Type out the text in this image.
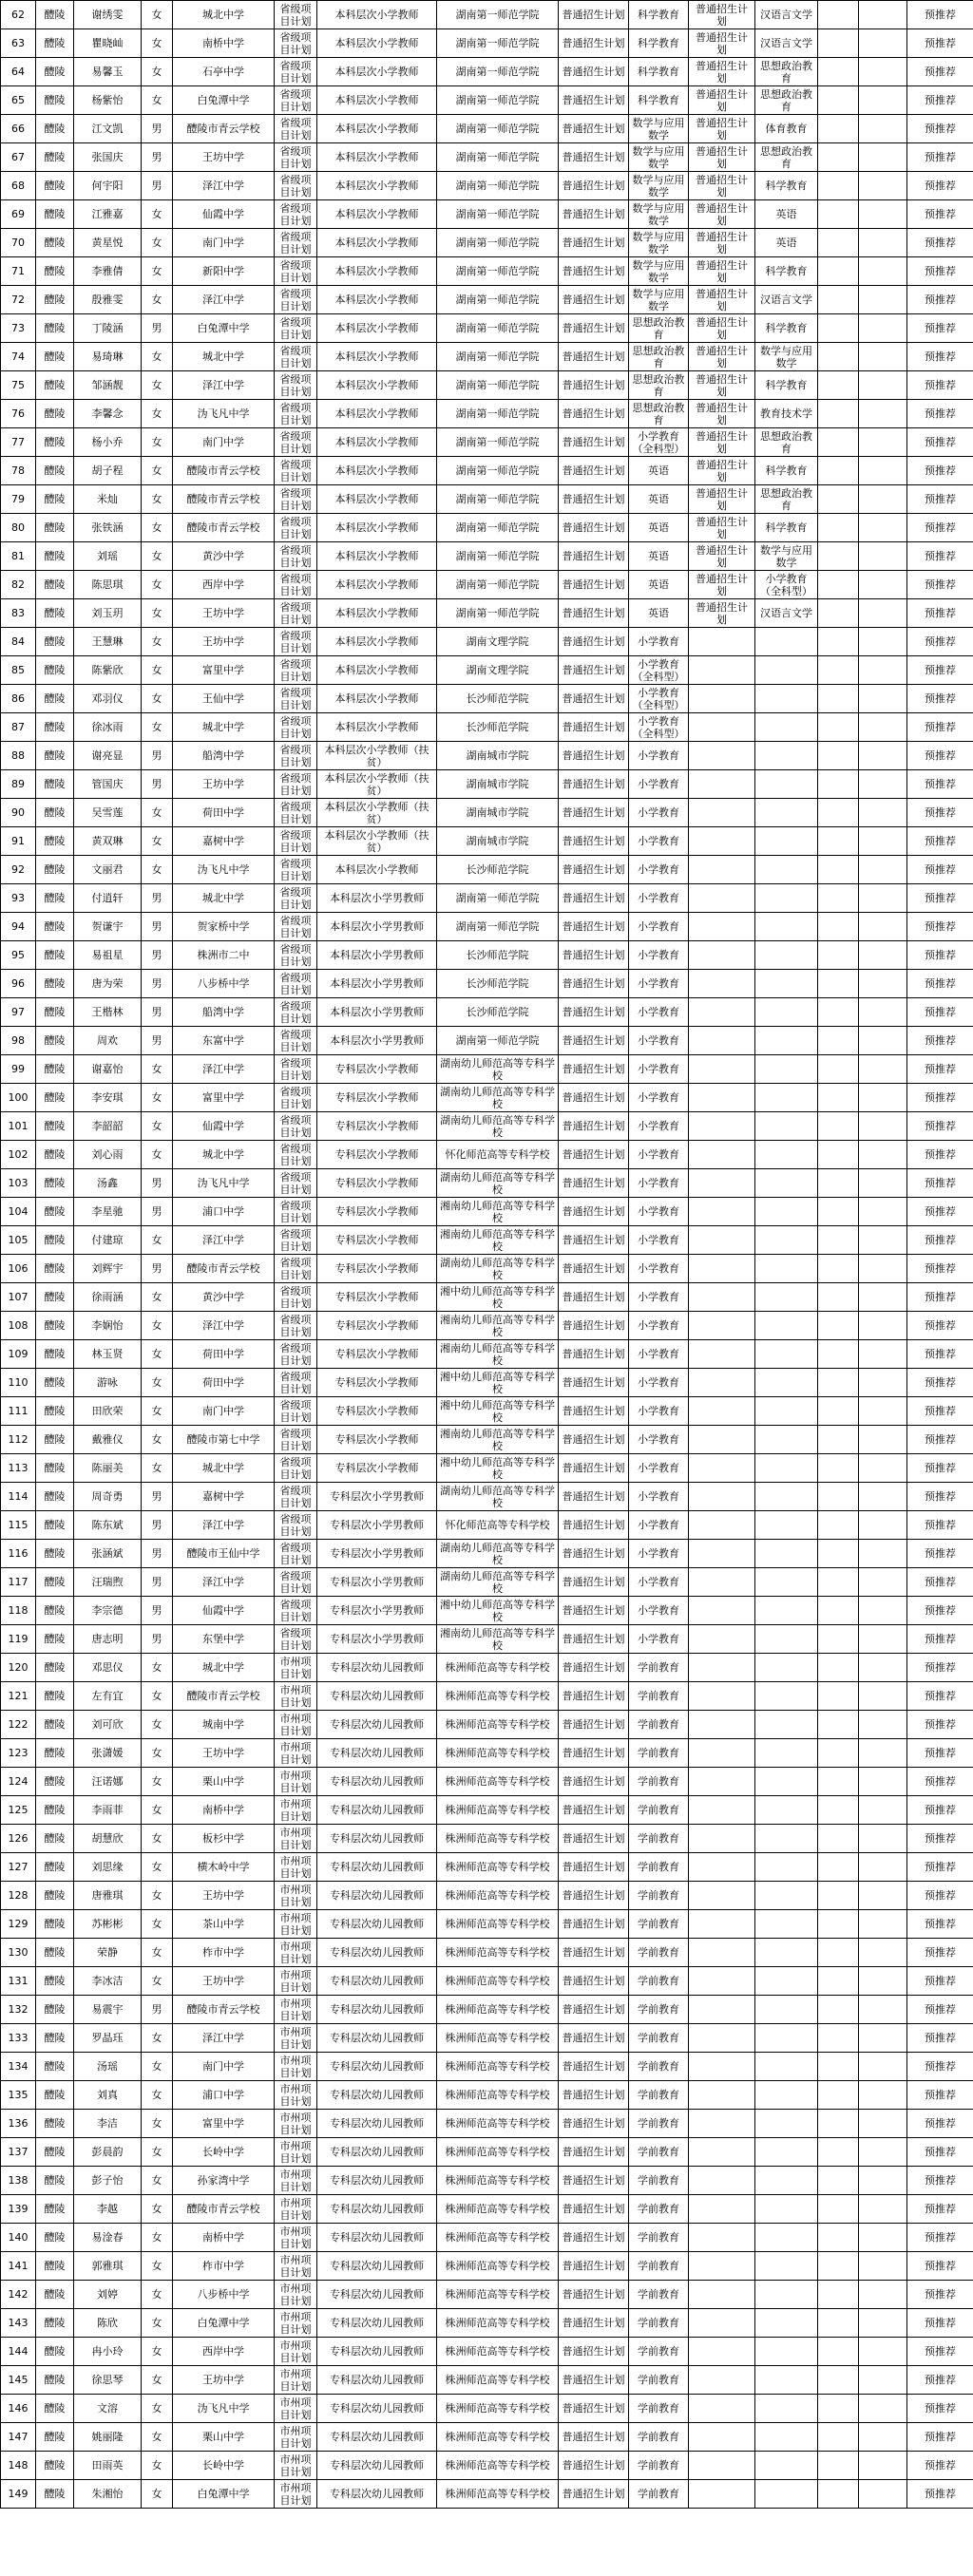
62	醴陵	谢绣雯	女	城北中学	省级项目计划	本科层次小学教师	湖南第一师范学院	普通招生计划	科学教育	普通招生计划	汉语言文学			预推荐
63	醴陵	瞿晓屾	女	南桥中学	省级项目计划	本科层次小学教师	湖南第一师范学院	普通招生计划	科学教育	普通招生计划	汉语言文学			预推荐
64	醴陵	易馨玉	女	石亭中学	省级项目计划	本科层次小学教师	湖南第一师范学院	普通招生计划	科学教育	普通招生计划	思想政治教育			预推荐
65	醴陵	杨紫怡	女	白兔潭中学	省级项目计划	本科层次小学教师	湖南第一师范学院	普通招生计划	科学教育	普通招生计划	思想政治教育			预推荐
66	醴陵	江文凯	男	醴陵市青云学校	省级项目计划	本科层次小学教师	湖南第一师范学院	普通招生计划	数学与应用数学	普通招生计划	体育教育			预推荐
67	醴陵	张国庆	男	王坊中学	省级项目计划	本科层次小学教师	湖南第一师范学院	普通招生计划	数学与应用数学	普通招生计划	思想政治教育			预推荐
68	醴陵	何宇阳	男	泽江中学	省级项目计划	本科层次小学教师	湖南第一师范学院	普通招生计划	数学与应用数学	普通招生计划	科学教育			预推荐
69	醴陵	江雅嘉	女	仙霞中学	省级项目计划	本科层次小学教师	湖南第一师范学院	普通招生计划	数学与应用数学	普通招生计划	英语			预推荐
70	醴陵	黄星悦	女	南门中学	省级项目计划	本科层次小学教师	湖南第一师范学院	普通招生计划	数学与应用数学	普通招生计划	英语			预推荐
71	醴陵	李雅倩	女	新阳中学	省级项目计划	本科层次小学教师	湖南第一师范学院	普通招生计划	数学与应用数学	普通招生计划	科学教育			预推荐
72	醴陵	殷雅雯	女	泽江中学	省级项目计划	本科层次小学教师	湖南第一师范学院	普通招生计划	数学与应用数学	普通招生计划	汉语言文学			预推荐
73	醴陵	丁陵涵	男	白兔潭中学	省级项目计划	本科层次小学教师	湖南第一师范学院	普通招生计划	思想政治教育	普通招生计划	科学教育			预推荐
74	醴陵	易琦琳	女	城北中学	省级项目计划	本科层次小学教师	湖南第一师范学院	普通招生计划	思想政治教育	普通招生计划	数学与应用数学			预推荐
75	醴陵	邹涵靓	女	泽江中学	省级项目计划	本科层次小学教师	湖南第一师范学院	普通招生计划	思想政治教育	普通招生计划	科学教育			预推荐
76	醴陵	李馨念	女	沩飞凡中学	省级项目计划	本科层次小学教师	湖南第一师范学院	普通招生计划	思想政治教育	普通招生计划	教育技术学			预推荐
77	醴陵	杨小乔	女	南门中学	省级项目计划	本科层次小学教师	湖南第一师范学院	普通招生计划	小学教育（全科型）	普通招生计划	思想政治教育			预推荐
78	醴陵	胡子程	女	醴陵市青云学校	省级项目计划	本科层次小学教师	湖南第一师范学院	普通招生计划	英语	普通招生计划	科学教育			预推荐
79	醴陵	米灿	女	醴陵市青云学校	省级项目计划	本科层次小学教师	湖南第一师范学院	普通招生计划	英语	普通招生计划	思想政治教育			预推荐
80	醴陵	张铁涵	女	醴陵市青云学校	省级项目计划	本科层次小学教师	湖南第一师范学院	普通招生计划	英语	普通招生计划	科学教育			预推荐
81	醴陵	刘瑶	女	黄沙中学	省级项目计划	本科层次小学教师	湖南第一师范学院	普通招生计划	英语	普通招生计划	数学与应用数学			预推荐
82	醴陵	陈思琪	女	西岸中学	省级项目计划	本科层次小学教师	湖南第一师范学院	普通招生计划	英语	普通招生计划	小学教育（全科型）			预推荐
83	醴陵	刘玉玥	女	王坊中学	省级项目计划	本科层次小学教师	湖南第一师范学院	普通招生计划	英语	普通招生计划	汉语言文学			预推荐
84	醴陵	王慧琳	女	王坊中学	省级项目计划	本科层次小学教师	湖南文理学院	普通招生计划	小学教育					预推荐
85	醴陵	陈紫欣	女	富里中学	省级项目计划	本科层次小学教师	湖南文理学院	普通招生计划	小学教育（全科型）					预推荐
86	醴陵	邓羽仪	女	王仙中学	省级项目计划	本科层次小学教师	长沙师范学院	普通招生计划	小学教育（全科型）					预推荐
87	醴陵	徐冰雨	女	城北中学	省级项目计划	本科层次小学教师	长沙师范学院	普通招生计划	小学教育（全科型）					预推荐
88	醴陵	谢亮显	男	船湾中学	省级项目计划	本科层次小学教师（扶贫）	湖南城市学院	普通招生计划	小学教育					预推荐
89	醴陵	管国庆	男	王坊中学	省级项目计划	本科层次小学教师（扶贫）	湖南城市学院	普通招生计划	小学教育					预推荐
90	醴陵	吴雪莲	女	荷田中学	省级项目计划	本科层次小学教师（扶贫）	湖南城市学院	普通招生计划	小学教育					预推荐
91	醴陵	黄双琳	女	嘉树中学	省级项目计划	本科层次小学教师（扶贫）	湖南城市学院	普通招生计划	小学教育					预推荐
92	醴陵	文丽君	女	沩飞凡中学	省级项目计划	本科层次小学教师	长沙师范学院	普通招生计划	小学教育					预推荐
93	醴陵	付逍轩	男	城北中学	省级项目计划	本科层次小学男教师	湖南第一师范学院	普通招生计划	小学教育					预推荐
94	醴陵	贺谦宇	男	贺家桥中学	省级项目计划	本科层次小学男教师	湖南第一师范学院	普通招生计划	小学教育					预推荐
95	醴陵	易祖星	男	株洲市二中	省级项目计划	本科层次小学男教师	长沙师范学院	普通招生计划	小学教育					预推荐
96	醴陵	唐为荣	男	八步桥中学	省级项目计划	本科层次小学男教师	长沙师范学院	普通招生计划	小学教育					预推荐
97	醴陵	王楷林	男	船湾中学	省级项目计划	本科层次小学男教师	长沙师范学院	普通招生计划	小学教育					预推荐
98	醴陵	周欢	男	东富中学	省级项目计划	本科层次小学男教师	湖南第一师范学院	普通招生计划	小学教育					预推荐
99	醴陵	谢嘉怡	女	泽江中学	省级项目计划	专科层次小学教师	湖南幼儿师范高等专科学校	普通招生计划	小学教育					预推荐
100	醴陵	李安琪	女	富里中学	省级项目计划	专科层次小学教师	湖南幼儿师范高等专科学校	普通招生计划	小学教育					预推荐
101	醴陵	李韶韶	女	仙霞中学	省级项目计划	专科层次小学教师	湖南幼儿师范高等专科学校	普通招生计划	小学教育					预推荐
102	醴陵	刘心雨	女	城北中学	省级项目计划	专科层次小学教师	怀化师范高等专科学校	普通招生计划	小学教育					预推荐
103	醴陵	汤鑫	男	沩飞凡中学	省级项目计划	专科层次小学教师	湖南幼儿师范高等专科学校	普通招生计划	小学教育					预推荐
104	醴陵	李星驰	男	浦口中学	省级项目计划	专科层次小学教师	湘南幼儿师范高等专科学校	普通招生计划	小学教育					预推荐
105	醴陵	付建琼	女	泽江中学	省级项目计划	专科层次小学教师	湘南幼儿师范高等专科学校	普通招生计划	小学教育					预推荐
106	醴陵	刘辉宇	男	醴陵市青云学校	省级项目计划	专科层次小学教师	湖南幼儿师范高等专科学校	普通招生计划	小学教育					预推荐
107	醴陵	徐雨涵	女	黄沙中学	省级项目计划	专科层次小学教师	湘中幼儿师范高等专科学校	普通招生计划	小学教育					预推荐
108	醴陵	李娴怡	女	泽江中学	省级项目计划	专科层次小学教师	湘南幼儿师范高等专科学校	普通招生计划	小学教育					预推荐
109	醴陵	林玉贤	女	荷田中学	省级项目计划	专科层次小学教师	湘南幼儿师范高等专科学校	普通招生计划	小学教育					预推荐
110	醴陵	游咏	女	荷田中学	省级项目计划	专科层次小学教师	湘中幼儿师范高等专科学校	普通招生计划	小学教育					预推荐
111	醴陵	田欣荣	女	南门中学	省级项目计划	专科层次小学教师	湘中幼儿师范高等专科学校	普通招生计划	小学教育					预推荐
112	醴陵	戴雅仪	女	醴陵市第七中学	省级项目计划	专科层次小学教师	湘南幼儿师范高等专科学校	普通招生计划	小学教育					预推荐
113	醴陵	陈丽美	女	城北中学	省级项目计划	专科层次小学教师	湘中幼儿师范高等专科学校	普通招生计划	小学教育					预推荐
114	醴陵	周奇勇	男	嘉树中学	省级项目计划	专科层次小学男教师	湖南幼儿师范高等专科学校	普通招生计划	小学教育					预推荐
115	醴陵	陈东斌	男	泽江中学	省级项目计划	专科层次小学男教师	怀化师范高等专科学校	普通招生计划	小学教育					预推荐
116	醴陵	张涵斌	男	醴陵市王仙中学	省级项目计划	专科层次小学男教师	湖南幼儿师范高等专科学校	普通招生计划	小学教育					预推荐
117	醴陵	汪瑞煦	男	泽江中学	省级项目计划	专科层次小学男教师	湖南幼儿师范高等专科学校	普通招生计划	小学教育					预推荐
118	醴陵	李宗德	男	仙霞中学	省级项目计划	专科层次小学男教师	湘中幼儿师范高等专科学校	普通招生计划	小学教育					预推荐
119	醴陵	唐志明	男	东堡中学	省级项目计划	专科层次小学男教师	湘南幼儿师范高等专科学校	普通招生计划	小学教育					预推荐
120	醴陵	邓思仪	女	城北中学	市州项目计划	专科层次幼儿园教师	株洲师范高等专科学校	普通招生计划	学前教育					预推荐
121	醴陵	左有宜	女	醴陵市青云学校	市州项目计划	专科层次幼儿园教师	株洲师范高等专科学校	普通招生计划	学前教育					预推荐
122	醴陵	刘可欣	女	城南中学	市州项目计划	专科层次幼儿园教师	株洲师范高等专科学校	普通招生计划	学前教育					预推荐
123	醴陵	张潇媛	女	王坊中学	市州项目计划	专科层次幼儿园教师	株洲师范高等专科学校	普通招生计划	学前教育					预推荐
124	醴陵	汪诺娜	女	栗山中学	市州项目计划	专科层次幼儿园教师	株洲师范高等专科学校	普通招生计划	学前教育					预推荐
125	醴陵	李雨菲	女	南桥中学	市州项目计划	专科层次幼儿园教师	株洲师范高等专科学校	普通招生计划	学前教育					预推荐
126	醴陵	胡慧欣	女	板杉中学	市州项目计划	专科层次幼儿园教师	株洲师范高等专科学校	普通招生计划	学前教育					预推荐
127	醴陵	刘思缘	女	横木岭中学	市州项目计划	专科层次幼儿园教师	株洲师范高等专科学校	普通招生计划	学前教育					预推荐
128	醴陵	唐雅琪	女	王坊中学	市州项目计划	专科层次幼儿园教师	株洲师范高等专科学校	普通招生计划	学前教育					预推荐
129	醴陵	苏彬彬	女	茶山中学	市州项目计划	专科层次幼儿园教师	株洲师范高等专科学校	普通招生计划	学前教育					预推荐
130	醴陵	荣静	女	柞市中学	市州项目计划	专科层次幼儿园教师	株洲师范高等专科学校	普通招生计划	学前教育					预推荐
131	醴陵	李冰洁	女	王坊中学	市州项目计划	专科层次幼儿园教师	株洲师范高等专科学校	普通招生计划	学前教育					预推荐
132	醴陵	易震宇	男	醴陵市青云学校	市州项目计划	专科层次幼儿园教师	株洲师范高等专科学校	普通招生计划	学前教育					预推荐
133	醴陵	罗晶珏	女	泽江中学	市州项目计划	专科层次幼儿园教师	株洲师范高等专科学校	普通招生计划	学前教育					预推荐
134	醴陵	汤瑶	女	南门中学	市州项目计划	专科层次幼儿园教师	株洲师范高等专科学校	普通招生计划	学前教育					预推荐
135	醴陵	刘真	女	浦口中学	市州项目计划	专科层次幼儿园教师	株洲师范高等专科学校	普通招生计划	学前教育					预推荐
136	醴陵	李洁	女	富里中学	市州项目计划	专科层次幼儿园教师	株洲师范高等专科学校	普通招生计划	学前教育					预推荐
137	醴陵	彭晨韵	女	长岭中学	市州项目计划	专科层次幼儿园教师	株洲师范高等专科学校	普通招生计划	学前教育					预推荐
138	醴陵	彭子怡	女	孙家湾中学	市州项目计划	专科层次幼儿园教师	株洲师范高等专科学校	普通招生计划	学前教育					预推荐
139	醴陵	李越	女	醴陵市青云学校	市州项目计划	专科层次幼儿园教师	株洲师范高等专科学校	普通招生计划	学前教育					预推荐
140	醴陵	易淦春	女	南桥中学	市州项目计划	专科层次幼儿园教师	株洲师范高等专科学校	普通招生计划	学前教育					预推荐
141	醴陵	郭雅琪	女	柞市中学	市州项目计划	专科层次幼儿园教师	株洲师范高等专科学校	普通招生计划	学前教育					预推荐
142	醴陵	刘婷	女	八步桥中学	市州项目计划	专科层次幼儿园教师	株洲师范高等专科学校	普通招生计划	学前教育					预推荐
143	醴陵	陈欣	女	白兔潭中学	市州项目计划	专科层次幼儿园教师	株洲师范高等专科学校	普通招生计划	学前教育					预推荐
144	醴陵	冉小玲	女	西岸中学	市州项目计划	专科层次幼儿园教师	株洲师范高等专科学校	普通招生计划	学前教育					预推荐
145	醴陵	徐思琴	女	王坊中学	市州项目计划	专科层次幼儿园教师	株洲师范高等专科学校	普通招生计划	学前教育					预推荐
146	醴陵	文溶	女	沩飞凡中学	市州项目计划	专科层次幼儿园教师	株洲师范高等专科学校	普通招生计划	学前教育					预推荐
147	醴陵	姚丽隆	女	栗山中学	市州项目计划	专科层次幼儿园教师	株洲师范高等专科学校	普通招生计划	学前教育					预推荐
148	醴陵	田雨英	女	长岭中学	市州项目计划	专科层次幼儿园教师	株洲师范高等专科学校	普通招生计划	学前教育					预推荐
149	醴陵	朱湘怡	女	白兔潭中学	市州项目计划	专科层次幼儿园教师	株洲师范高等专科学校	普通招生计划	学前教育					预推荐
